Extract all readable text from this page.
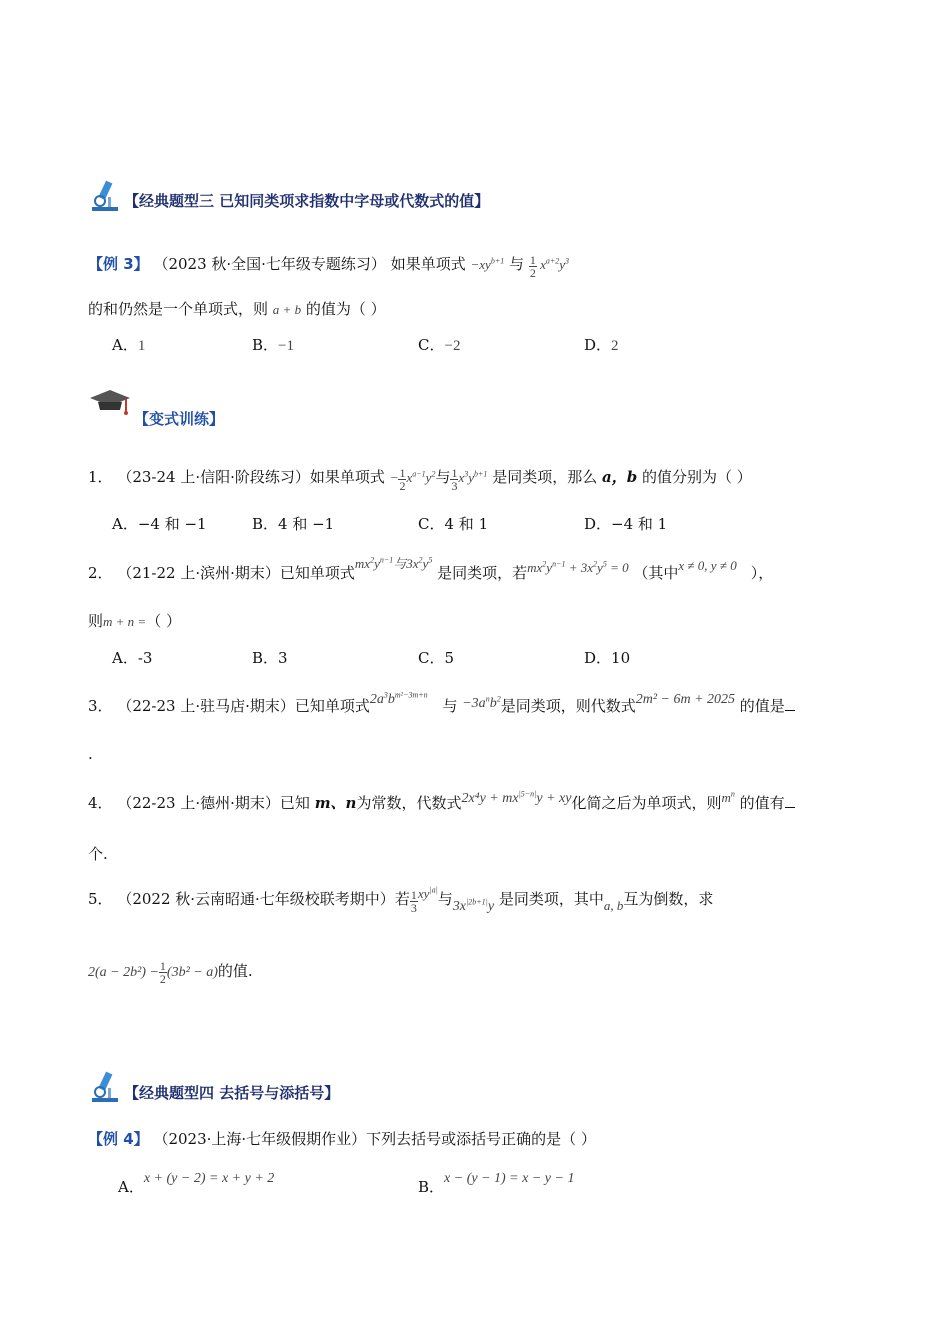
【经典题型三 已知同类项求指数中字母或代数式的值】
【例 3】 （2023 秋·全国·七年级专题练习） 如果单项式 $-xy^{b+1}$ 与 $\frac{1}{2} x^{a+2}y^3$
的和仍然是一个单项式，则 a + b 的值为（ ）
A．1	B．−1	C．−2	D．2
【变式训练】
1． （23-24 上·信阳·阶段练习）如果单项式 − $\frac{1}{2} x^{a-1}y^2$与 $\frac{1}{3} x^3y^{b+1}$ 是同类项，那么 a，b 的值分别为（ ）
A．−4 和 −1	B．4 和 −1	C．4 和 1	D．−4 和 1
2． （21-22 上·滨州·期末）已知单项式$mx^2y^{n-1}$与$3x^2y^5$ 是同类项，若$mx^2y^{n-1} + 3x^2y^5 = 0$ （其中x ≠ 0, y ≠ 0 ），
则m + n =（ ）
A．-3	B．3	C．5	D．10
3． （22-23 上·驻马店·期末）已知单项式$2a^3b^{m^2-3m+n}$ 与 $-3a^nb^2$是同类项，则代数式2m² − 6m + 2025 的值是
.
4． （22-23 上·德州·期末）已知 m、n为常数，代数式$2x^4y + mx^{|5-n|}y$ + xy化简之后为单项式，则$m^n$ 的值有
个.
5． （2022 秋·云南昭通·七年级校联考期中）若 $\frac{1}{3} xy^{|a|}$与$3x^{|2b+1|}y$ 是同类项，其中a, b互为倒数，求
$2(a - 2b^2) - \frac{1}{2} (3b^2 - a)$的值.
【经典题型四 去括号与添括号】
【例 4】 （2023·上海·七年级假期作业）下列去括号或添括号正确的是（ ）
A．x + (y − 2) = x + y + 2	B．x − (y − 1) = x − y − 1
